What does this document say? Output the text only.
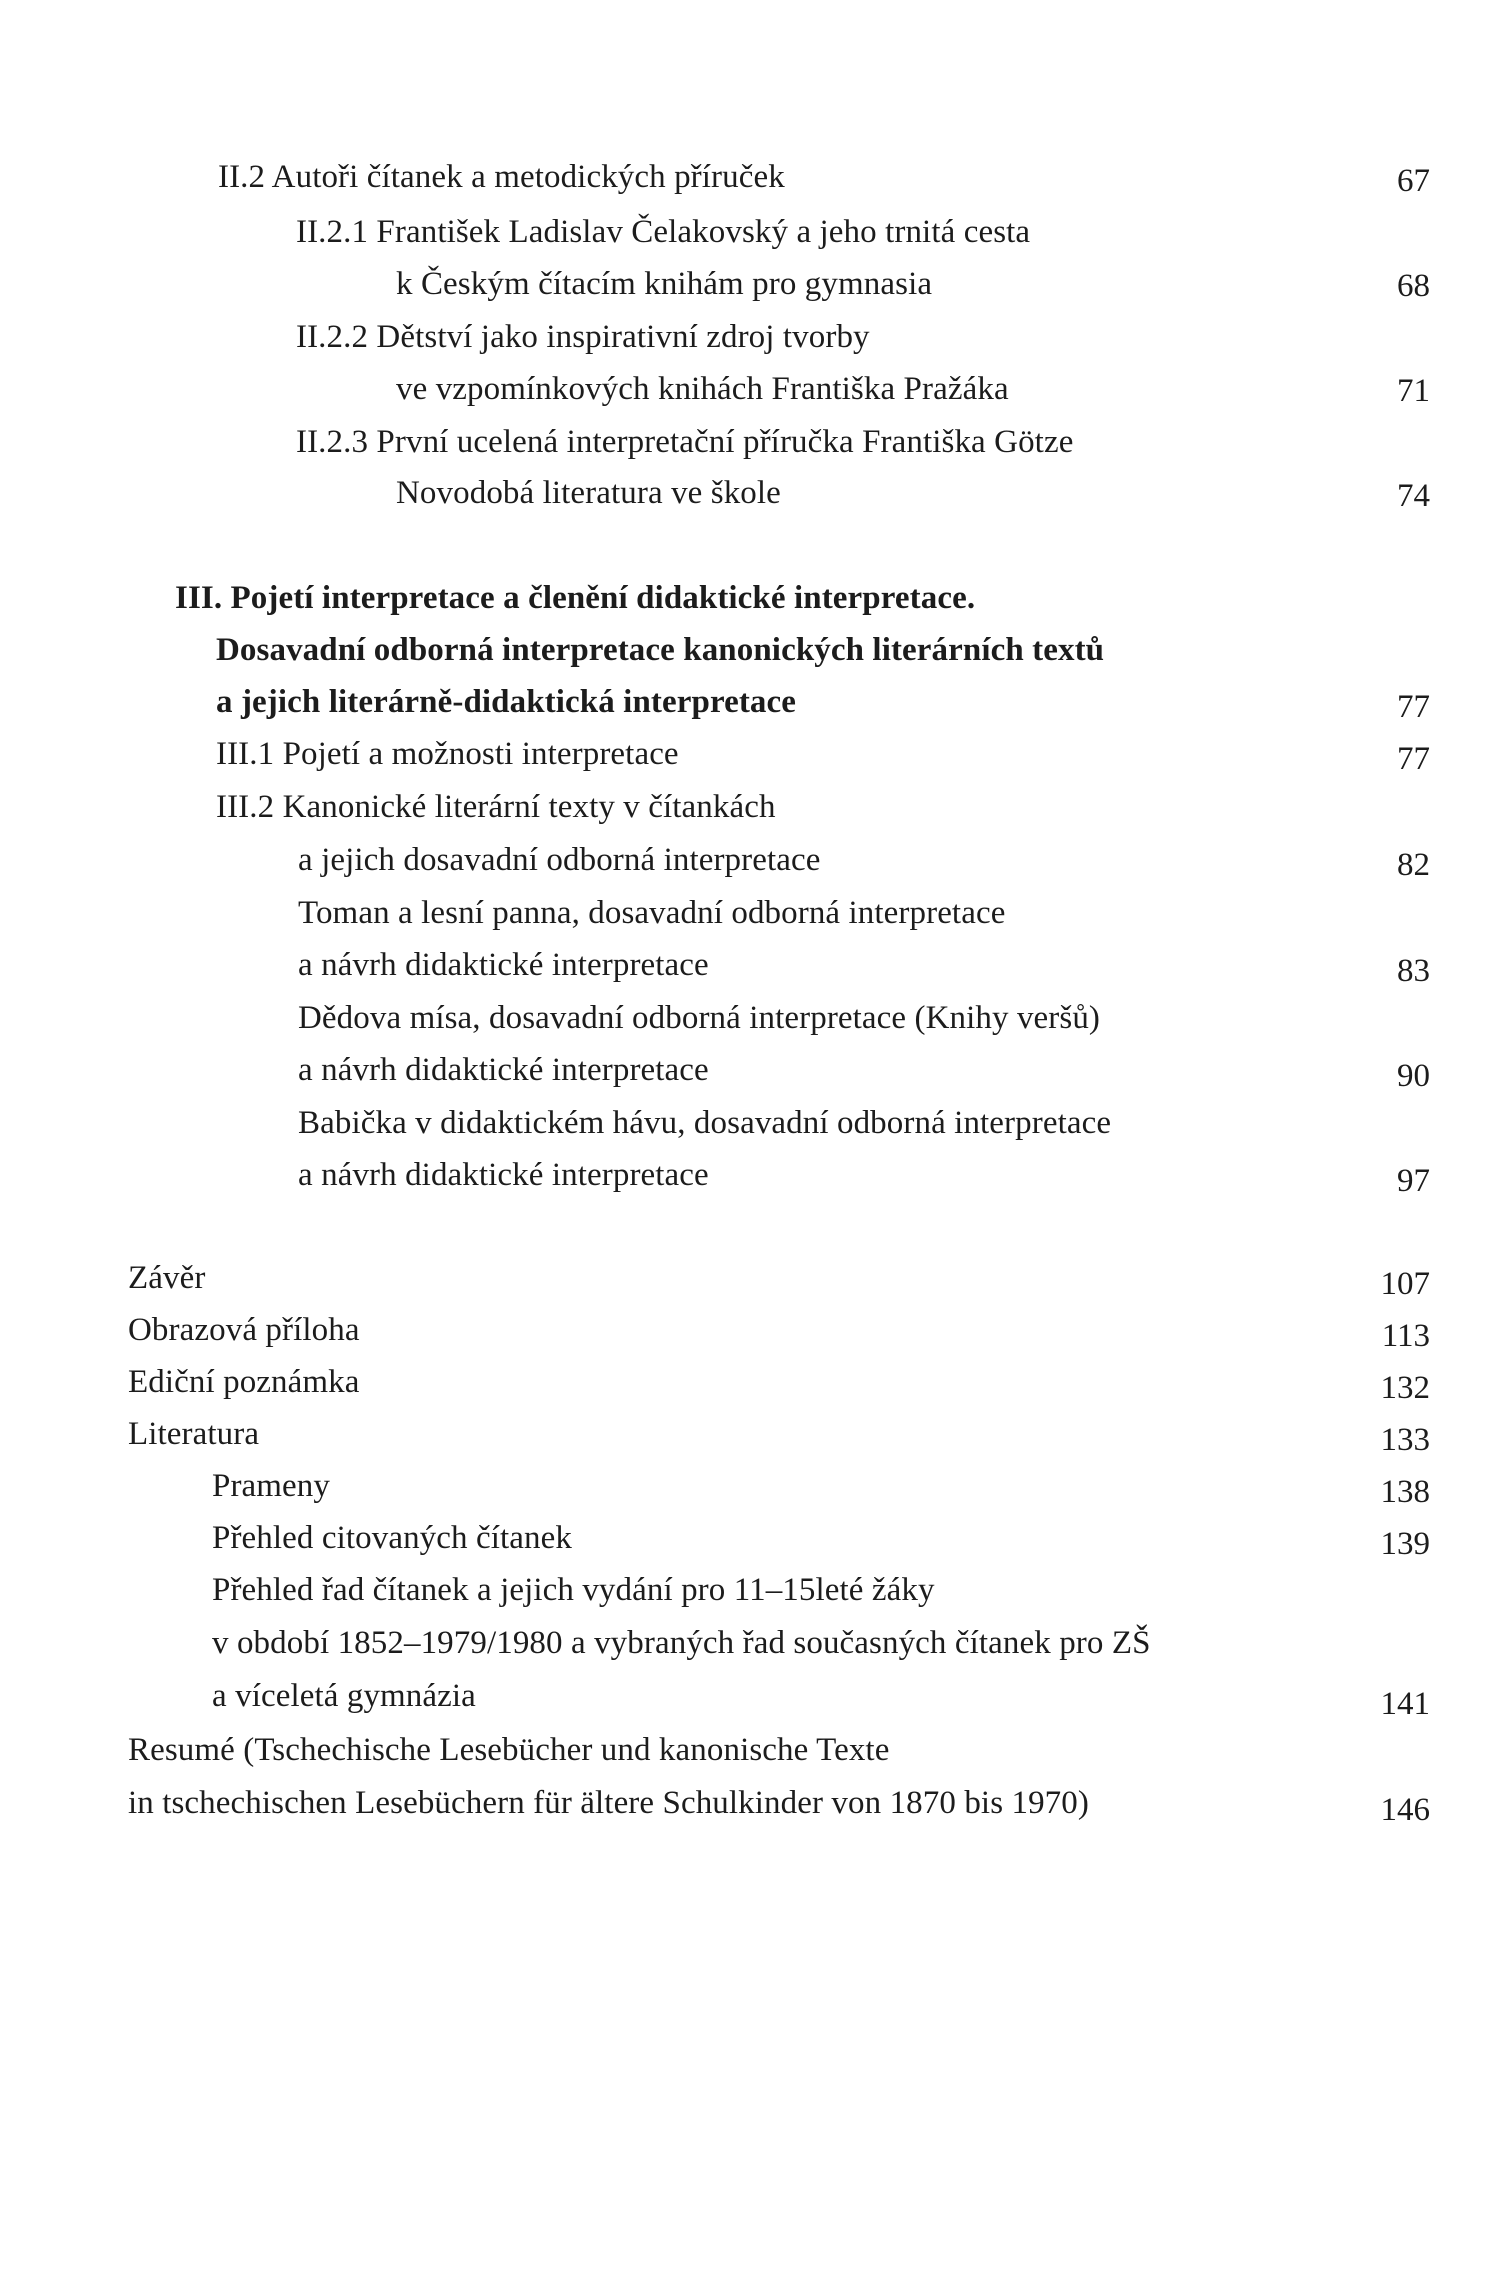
II.2 Autoři čítanek a metodických příruček	67
II.2.1 František Ladislav Čelakovský a jeho trnitá cesta
k Českým čítacím knihám pro gymnasia	68
II.2.2 Dětství jako inspirativní zdroj tvorby
ve vzpomínkových knihách Františka Pražáka	71
II.2.3 První ucelená interpretační příručka Františka Götze
Novodobá literatura ve škole	74
III. Pojetí interpretace a členění didaktické interpretace.
Dosavadní odborná interpretace kanonických literárních textů
a jejich literárně-didaktická interpretace	77
III.1 Pojetí a možnosti interpretace	77
III.2 Kanonické literární texty v čítankách
a jejich dosavadní odborná interpretace	82
Toman a lesní panna, dosavadní odborná interpretace
a návrh didaktické interpretace	83
Dědova mísa, dosavadní odborná interpretace (Knihy veršů)
a návrh didaktické interpretace	90
Babička v didaktickém hávu, dosavadní odborná interpretace
a návrh didaktické interpretace	97
Závěr	107
Obrazová příloha	113
Ediční poznámka	132
Literatura	133
Prameny	138
Přehled citovaných čítanek	139
Přehled řad čítanek a jejich vydání pro 11–15leté žáky
v období 1852–1979/1980 a vybraných řad současných čítanek pro ZŠ
a víceletá gymnázia	141
Resumé (Tschechische Lesebücher und kanonische Texte
in tschechischen Lesebüchern für ältere Schulkinder von 1870 bis 1970)	146
